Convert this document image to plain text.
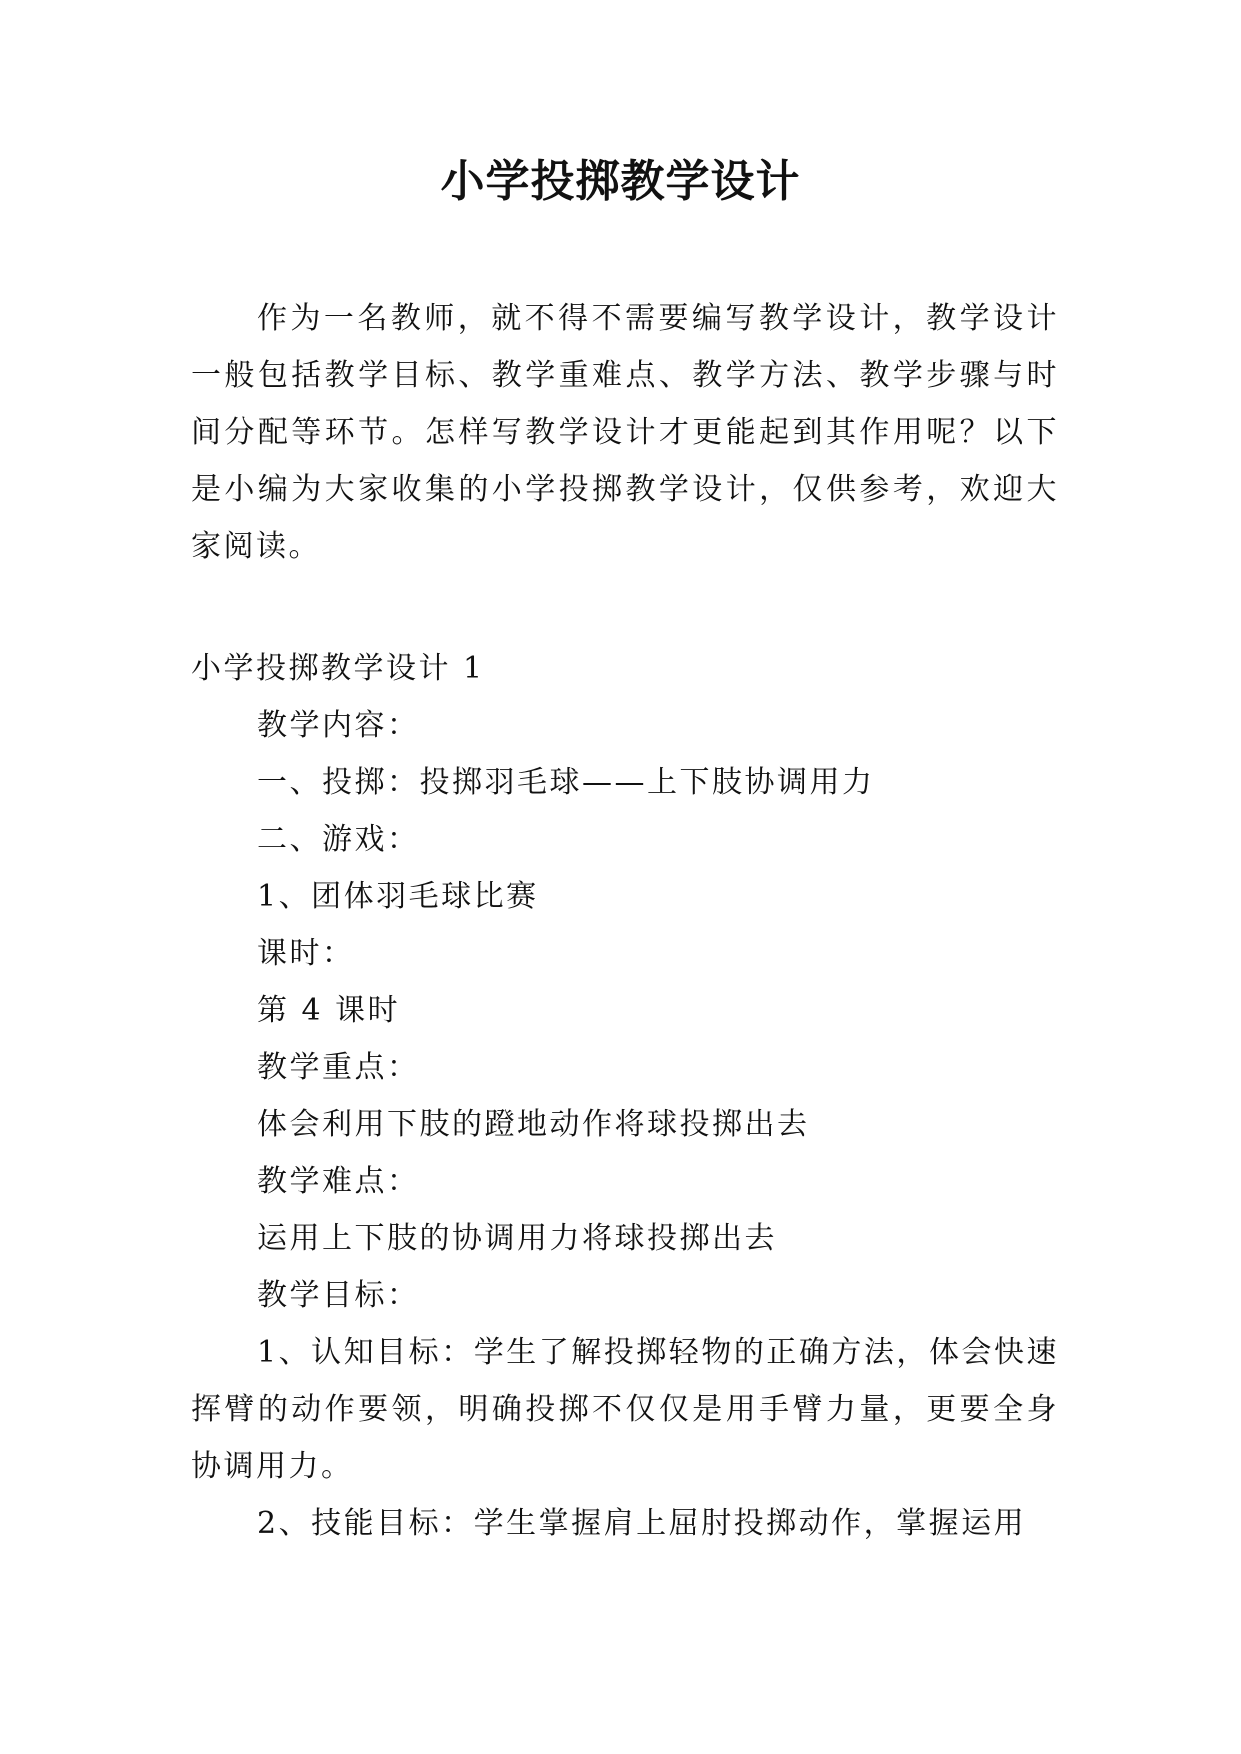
小学投掷教学设计

作为一名教师，就不得不需要编写教学设计，教学设计一般包括教学目标、教学重难点、教学方法、教学步骤与时间分配等环节。怎样写教学设计才更能起到其作用呢？以下是小编为大家收集的小学投掷教学设计，仅供参考，欢迎大家阅读。

小学投掷教学设计 1
教学内容：
一、投掷：投掷羽毛球——上下肢协调用力
二、游戏：
1、团体羽毛球比赛
课时：
第 4 课时
教学重点：
体会利用下肢的蹬地动作将球投掷出去
教学难点：
运用上下肢的协调用力将球投掷出去
教学目标：
1、认知目标：学生了解投掷轻物的正确方法，体会快速挥臂的动作要领，明确投掷不仅仅是用手臂力量，更要全身协调用力。
2、技能目标：学生掌握肩上屈肘投掷动作，掌握运用
